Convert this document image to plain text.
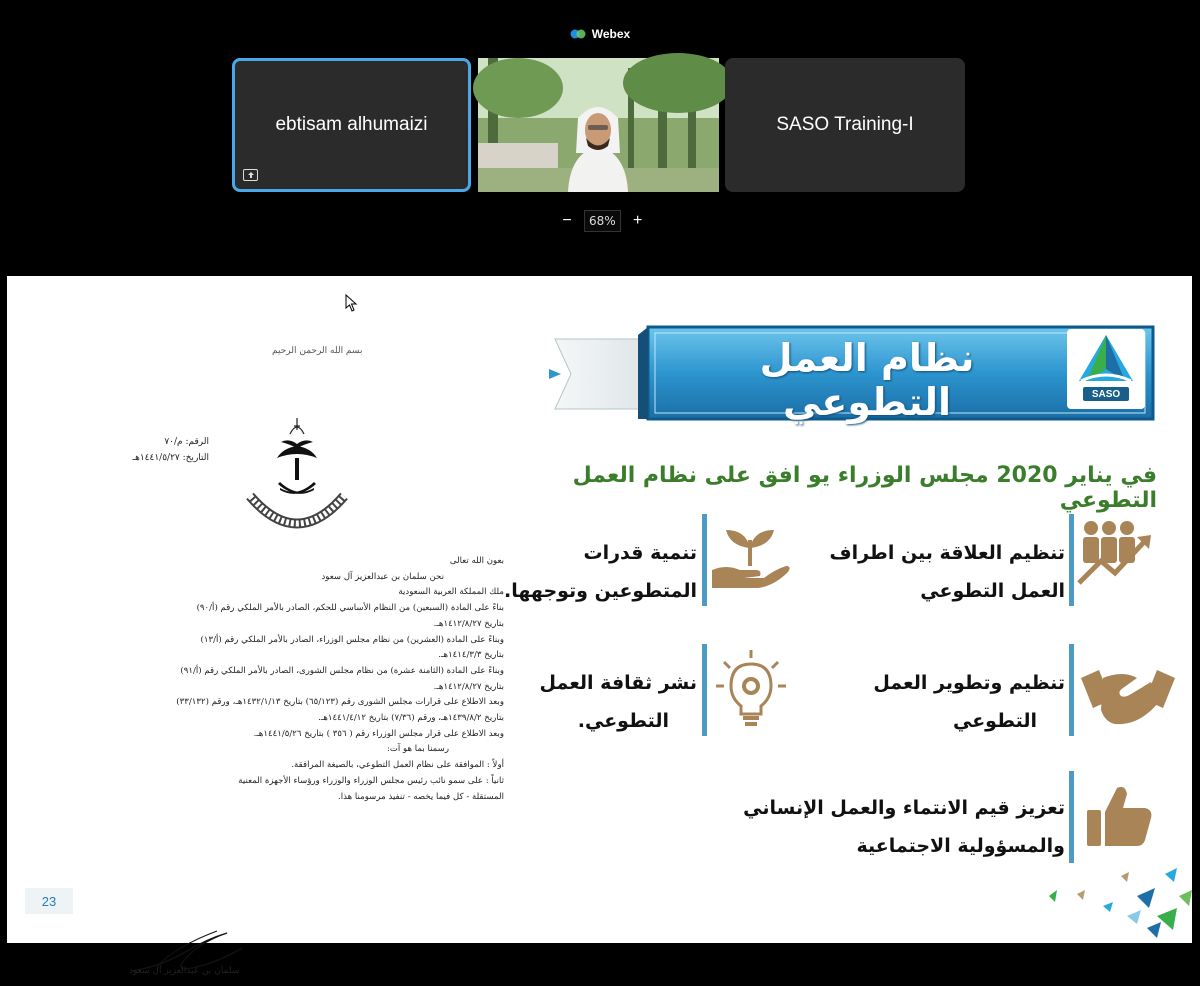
Webex
ebtisam alhumaizi	SASO Training-I
−	68%	+
بسم الله الرحمن الرحيم
الرقم: م/٧٠
التاريخ: ١٤٤١/٥/٢٧هـ

بعون الله تعالى

نحن سلمان بن عبدالعزيز آل سعود

ملك المملكة العربية السعودية

بناءً على المادة (السبعين) من النظام الأساسي للحكم، الصادر بالأمر الملكي رقم (أ/٩٠)

بتاريخ ١٤١٢/٨/٢٧هـ.

وبناءً على المادة (العشرين) من نظام مجلس الوزراء، الصادر بالأمر الملكي رقم (أ/١٣)

بتاريخ ١٤١٤/٣/٣هـ.

وبناءً على المادة (الثامنة عشرة) من نظام مجلس الشورى، الصادر بالأمر الملكي رقم (أ/٩١)

بتاريخ ١٤١٢/٨/٢٧هـ.

وبعد الاطلاع على قرارات مجلس الشورى رقم (٦٥/١٢٣) بتاريخ ١٤٣٢/١/١٣هـ، ورقم (٣٣/١٣٢)

بتاريخ ١٤٣٩/٨/٢هـ، ورقم (٧/٣٦) بتاريخ ١٤٤١/٤/١٢هـ.

وبعد الاطلاع على قرار مجلس الوزراء رقم ( ٣٥٦ ) بتاريخ ١٤٤١/٥/٢٦هـ.

رسمنا بما هو آت:

أولاً : الموافقة على نظام العمل التطوعي، بالصيغة المرافقة.

ثانياً : على سمو نائب رئيس مجلس الوزراء والوزراء ورؤساء الأجهزة المعنية

المستقلة - كل فيما يخصه - تنفيذ مرسومنا هذا.

سلمان بن عبدالعزيز آل سعود
23
نظام العمل التطوعي	SASO
في يناير 2020 مجلس الوزراء يو افق على نظام العمل التطوعي
تنظيم العلاقة بين اطراف
العمل التطوعي
تنمية قدرات
المتطوعين وتوجهها.
تنظيم وتطوير العمل
التطوعي
نشر ثقافة العمل
التطوعي.
تعزيز قيم الانتماء والعمل الإنساني
والمسؤولية الاجتماعية
